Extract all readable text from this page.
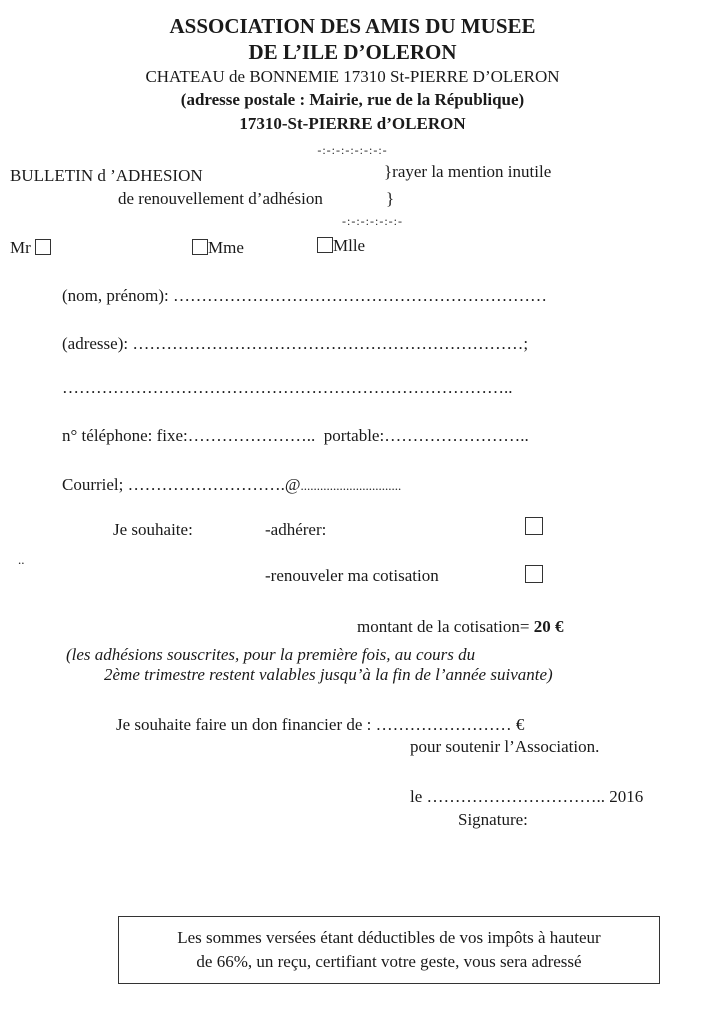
ASSOCIATION DES AMIS DU MUSEE
DE L’ILE D’OLERON
CHATEAU de BONNEMIE 17310 St-PIERRE D’OLERON
(adresse postale : Mairie, rue de la République)
17310-St-PIERRE d’OLERON
-:-:-:-:-:-:-:-
BULLETIN d ’ADHESION	}rayer la mention inutile
de renouvellement d’adhésion	}
-:-:-:-:-:-:-
Mr	Mme	Mlle
(nom, prénom): …………………………………………………………
(adresse): ……………………………………………………………;
……………………………………………………………………..
n° téléphone: fixe:………………….. portable:……………………..
Courriel; ……………………….@...............................
Je souhaite:	-adhérer:
..
-renouveler ma cotisation
montant de la cotisation= 20 €
(les adhésions souscrites, pour la première fois, au cours du
2ème trimestre restent valables jusqu’à la fin de l’année suivante)
Je souhaite faire un don financier de : …………………… €
pour soutenir l’Association.
le ………………………….. 2016
Signature:
Les sommes versées étant déductibles de vos impôts à hauteur
de 66%, un reçu, certifiant votre geste, vous sera adressé
